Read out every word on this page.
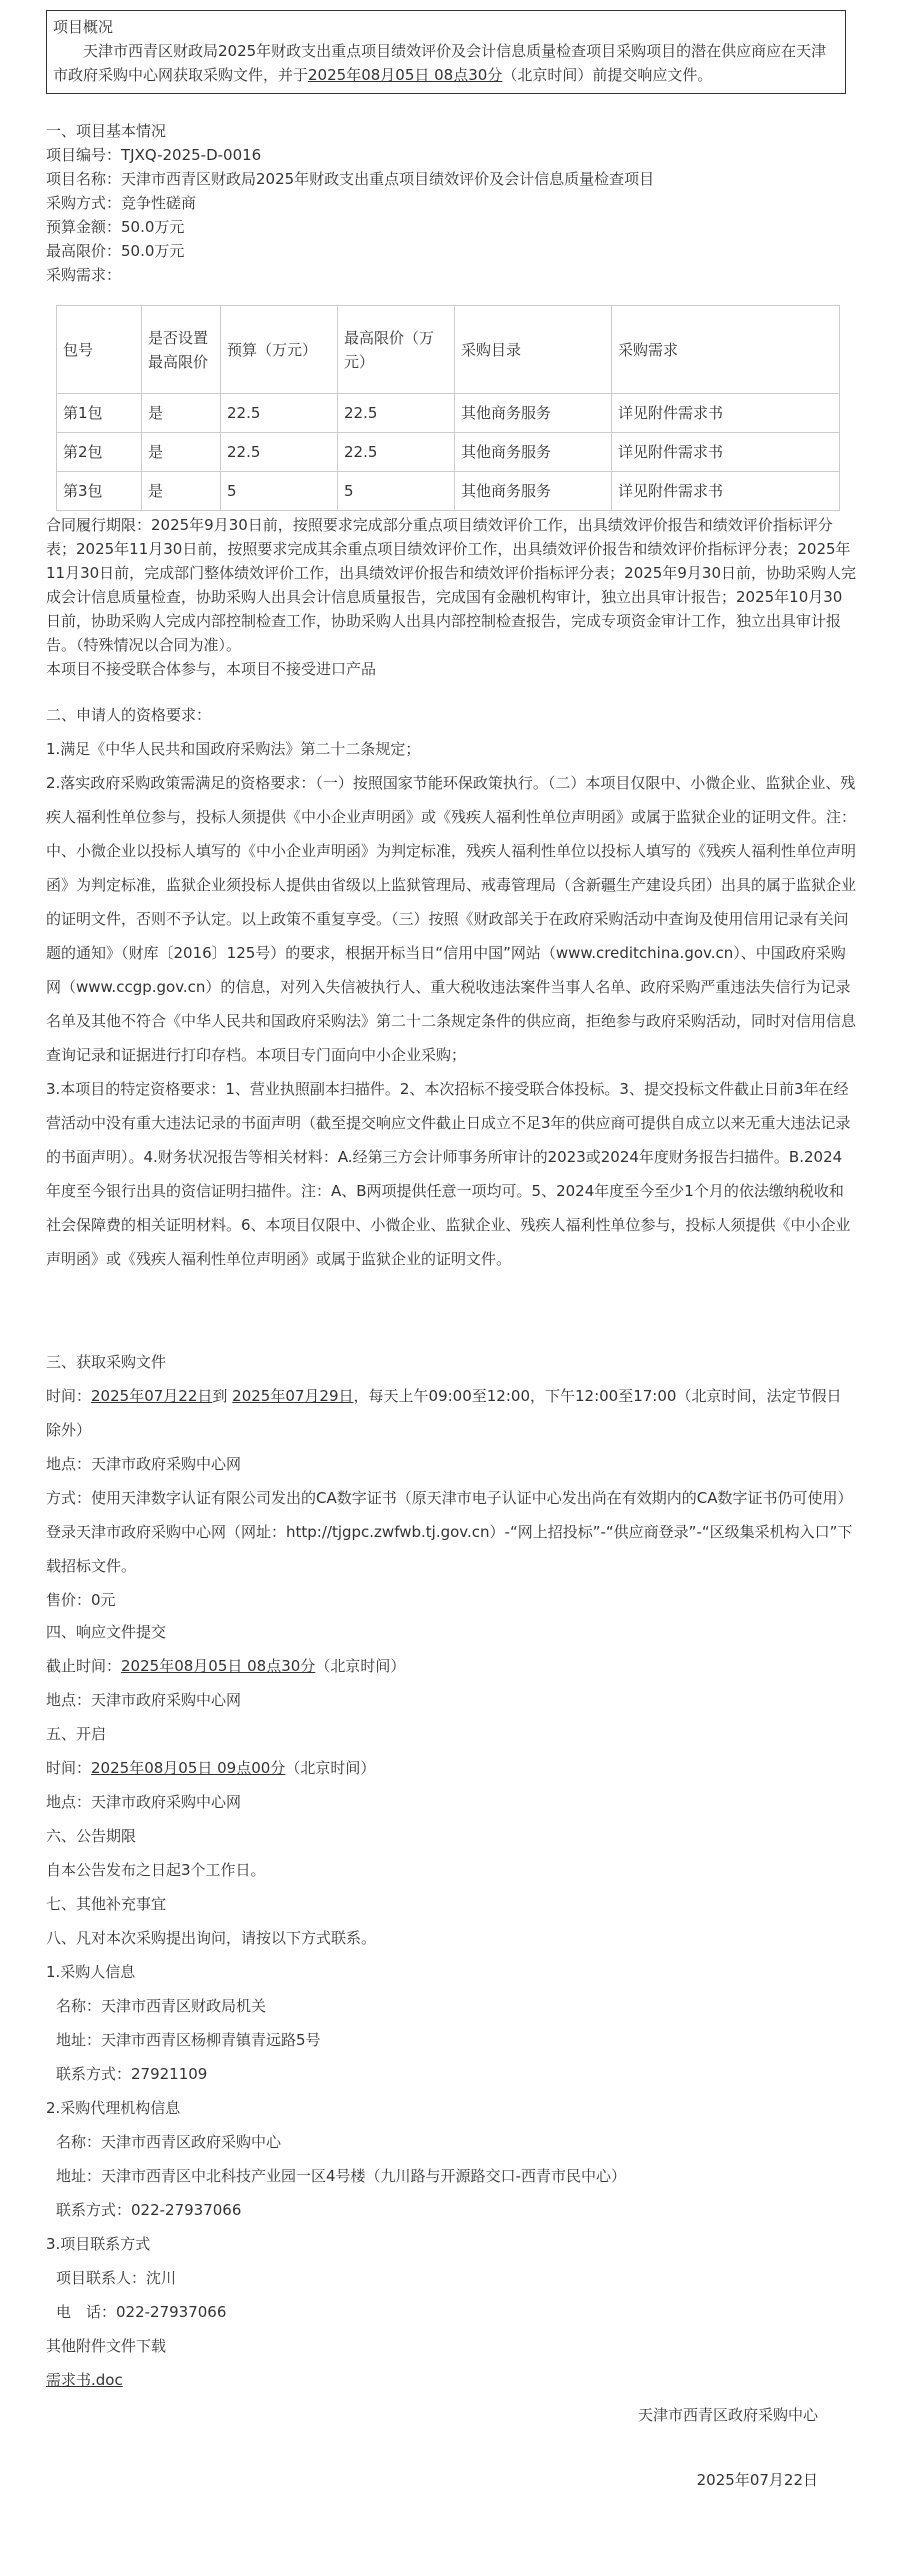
项目概况
天津市西青区财政局2025年财政支出重点项目绩效评价及会计信息质量检查项目采购项目的潜在供应商应在天津市政府采购中心网获取采购文件，并于2025年08月05日 08点30分（北京时间）前提交响应文件。
一、项目基本情况
项目编号：TJXQ-2025-D-0016
项目名称：天津市西青区财政局2025年财政支出重点项目绩效评价及会计信息质量检查项目
采购方式：竞争性磋商
预算金额：50.0万元
最高限价：50.0万元
采购需求：
包号	是否设置最高限价	预算（万元）	最高限价（万元）	采购目录	采购需求
第1包	是	22.5	22.5	其他商务服务	详见附件需求书
第2包	是	22.5	22.5	其他商务服务	详见附件需求书
第3包	是	5	5	其他商务服务	详见附件需求书
合同履行期限：2025年9月30日前，按照要求完成部分重点项目绩效评价工作，出具绩效评价报告和绩效评价指标评分表；2025年11月30日前，按照要求完成其余重点项目绩效评价工作，出具绩效评价报告和绩效评价指标评分表；2025年11月30日前，完成部门整体绩效评价工作，出具绩效评价报告和绩效评价指标评分表；2025年9月30日前，协助采购人完成会计信息质量检查，协助采购人出具会计信息质量报告，完成国有金融机构审计，独立出具审计报告；2025年10月30日前，协助采购人完成内部控制检查工作，协助采购人出具内部控制检查报告，完成专项资金审计工作，独立出具审计报告。（特殊情况以合同为准）。
本项目不接受联合体参与，本项目不接受进口产品
二、申请人的资格要求：
1.满足《中华人民共和国政府采购法》第二十二条规定；
2.落实政府采购政策需满足的资格要求：（一）按照国家节能环保政策执行。（二）本项目仅限中、小微企业、监狱企业、残疾人福利性单位参与，投标人须提供《中小企业声明函》或《残疾人福利性单位声明函》或属于监狱企业的证明文件。注：中、小微企业以投标人填写的《中小企业声明函》为判定标准，残疾人福利性单位以投标人填写的《残疾人福利性单位声明函》为判定标准，监狱企业须投标人提供由省级以上监狱管理局、戒毒管理局（含新疆生产建设兵团）出具的属于监狱企业的证明文件，否则不予认定。以上政策不重复享受。（三）按照《财政部关于在政府采购活动中查询及使用信用记录有关问题的通知》（财库〔2016〕125号）的要求，根据开标当日“信用中国”网站（www.creditchina.gov.cn）、中国政府采购网（www.ccgp.gov.cn）的信息，对列入失信被执行人、重大税收违法案件当事人名单、政府采购严重违法失信行为记录名单及其他不符合《中华人民共和国政府采购法》第二十二条规定条件的供应商，拒绝参与政府采购活动，同时对信用信息查询记录和证据进行打印存档。本项目专门面向中小企业采购；
3.本项目的特定资格要求：1、营业执照副本扫描件。2、本次招标不接受联合体投标。3、提交投标文件截止日前3年在经营活动中没有重大违法记录的书面声明（截至提交响应文件截止日成立不足3年的供应商可提供自成立以来无重大违法记录的书面声明）。4.财务状况报告等相关材料：A.经第三方会计师事务所审计的2023或2024年度财务报告扫描件。B.2024年度至今银行出具的资信证明扫描件。注：A、B两项提供任意一项均可。5、2024年度至今至少1个月的依法缴纳税收和社会保障费的相关证明材料。6、本项目仅限中、小微企业、监狱企业、残疾人福利性单位参与，投标人须提供《中小企业声明函》或《残疾人福利性单位声明函》或属于监狱企业的证明文件。
三、获取采购文件
时间：2025年07月22日到 2025年07月29日，每天上午09:00至12:00，下午12:00至17:00（北京时间，法定节假日除外）
地点：天津市政府采购中心网
方式：使用天津数字认证有限公司发出的CA数字证书（原天津市电子认证中心发出尚在有效期内的CA数字证书仍可使用）登录天津市政府采购中心网（网址：http://tjgpc.zwfwb.tj.gov.cn）-“网上招投标”-“供应商登录”-“区级集采机构入口”下载招标文件。
售价：0元
四、响应文件提交
截止时间：2025年08月05日 08点30分（北京时间）
地点：天津市政府采购中心网
五、开启
时间：2025年08月05日 09点00分（北京时间）
地点：天津市政府采购中心网
六、公告期限
自本公告发布之日起3个工作日。
七、其他补充事宜
八、凡对本次采购提出询问，请按以下方式联系。
1.采购人信息
名称：天津市西青区财政局机关
地址：天津市西青区杨柳青镇青远路5号
联系方式：27921109
2.采购代理机构信息
名称：天津市西青区政府采购中心
地址：天津市西青区中北科技产业园一区4号楼（九川路与开源路交口-西青市民中心）
联系方式：022-27937066
3.项目联系方式
项目联系人：沈川
电　话：022-27937066
其他附件文件下载
需求书.doc
天津市西青区政府采购中心
2025年07月22日
